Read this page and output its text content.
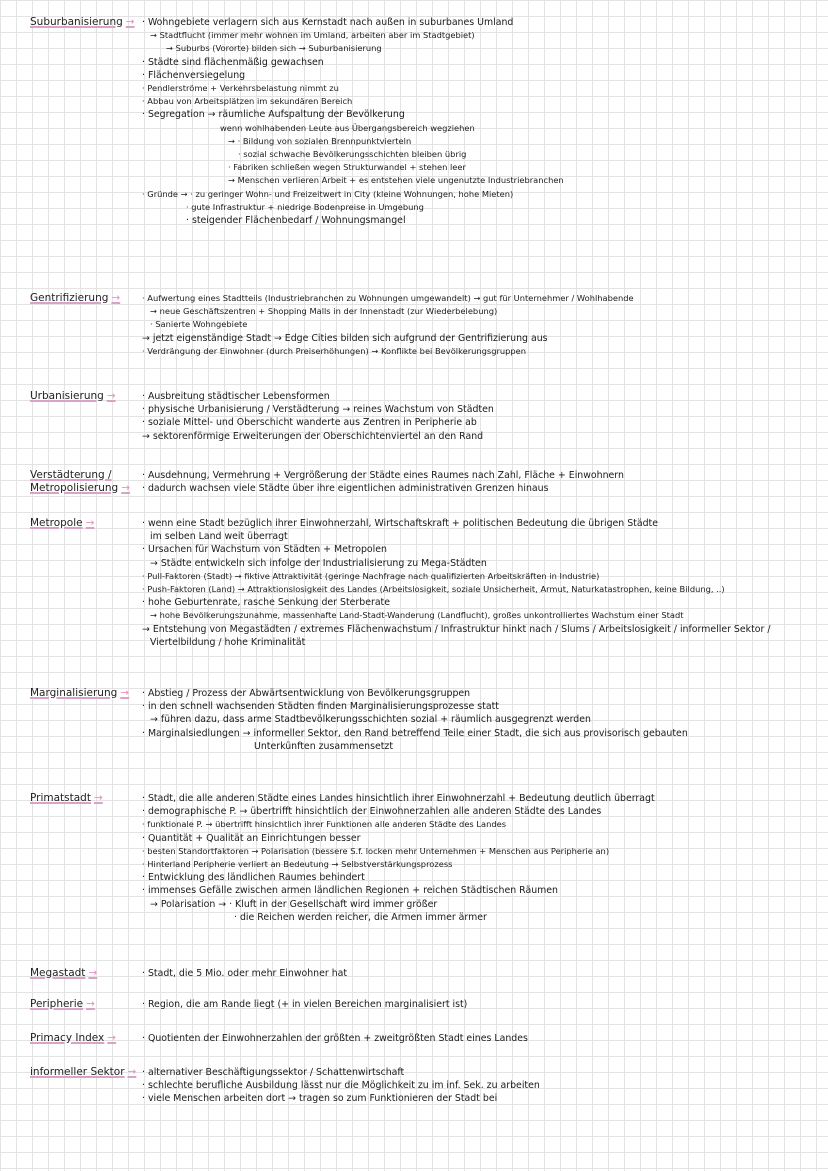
Suburbanisierung → · Wohngebiete verlagern sich aus Kernstadt nach außen in suburbanes Umland
→ Stadtflucht (immer mehr wohnen im Umland, arbeiten aber im Stadtgebiet)
→ Suburbs (Vororte) bilden sich → Suburbanisierung
· Städte sind flächenmäßig gewachsen
· Flächenversiegelung
· Pendlerströme + Verkehrsbelastung nimmt zu
· Abbau von Arbeitsplätzen im sekundären Bereich
· Segregation → räumliche Aufspaltung der Bevölkerung
wenn wohlhabenden Leute aus Übergangsbereich wegziehen
→ · Bildung von sozialen Brennpunktvierteln
· sozial schwache Bevölkerungsschichten bleiben übrig
· Fabriken schließen wegen Strukturwandel + stehen leer
→ Menschen verlieren Arbeit + es entstehen viele ungenutzte Industriebranchen
· Gründe → · zu geringer Wohn- und Freizeitwert in City (kleine Wohnungen, hohe Mieten)
· gute Infrastruktur + niedrige Bodenpreise in Umgebung
· steigender Flächenbedarf / Wohnungsmangel
Gentrifizierung →	· Aufwertung eines Stadtteils (Industriebranchen zu Wohnungen umgewandelt) → gut für Unternehmer / Wohlhabende
→ neue Geschäftszentren + Shopping Malls in der Innenstadt (zur Wiederbelebung)
· Sanierte Wohngebiete
→ jetzt eigenständige Stadt → Edge Cities bilden sich aufgrund der Gentrifizierung aus
· Verdrängung der Einwohner (durch Preiserhöhungen) → Konflikte bei Bevölkerungsgruppen
Urbanisierung →	· Ausbreitung städtischer Lebensformen
· physische Urbanisierung / Verstädterung → reines Wachstum von Städten
· soziale Mittel- und Oberschicht wanderte aus Zentren in Peripherie ab
→ sektorenförmige Erweiterungen der Oberschichtenviertel an den Rand
Verstädterung / Metropolisierung →
· Ausdehnung, Vermehrung + Vergrößerung der Städte eines Raumes nach Zahl, Fläche + Einwohnern
· dadurch wachsen viele Städte über ihre eigentlichen administrativen Grenzen hinaus
Metropole →	· wenn eine Stadt bezüglich ihrer Einwohnerzahl, Wirtschaftskraft + politischen Bedeutung die übrigen Städte
im selben Land weit überragt
· Ursachen für Wachstum von Städten + Metropolen
→ Städte entwickeln sich infolge der Industrialisierung zu Mega-Städten
· Pull-Faktoren (Stadt) → fiktive Attraktivität (geringe Nachfrage nach qualifizierten Arbeitskräften in Industrie)
· Push-Faktoren (Land) → Attraktionslosigkeit des Landes (Arbeitslosigkeit, soziale Unsicherheit, Armut, Naturkatastrophen, keine Bildung, ..)
· hohe Geburtenrate, rasche Senkung der Sterberate
→ hohe Bevölkerungszunahme, massenhafte Land-Stadt-Wanderung (Landflucht), großes unkontrolliertes Wachstum einer Stadt
→ Entstehung von Megastädten / extremes Flächenwachstum / Infrastruktur hinkt nach / Slums / Arbeitslosigkeit / informeller Sektor /
Viertelbildung / hohe Kriminalität
Marginalisierung →	· Abstieg / Prozess der Abwärtsentwicklung von Bevölkerungsgruppen
· in den schnell wachsenden Städten finden Marginalisierungsprozesse statt
→ führen dazu, dass arme Stadtbevölkerungsschichten sozial + räumlich ausgegrenzt werden
· Marginalsiedlungen → informeller Sektor, den Rand betreffend Teile einer Stadt, die sich aus provisorisch gebauten
Unterkünften zusammensetzt
Primatstadt →	· Stadt, die alle anderen Städte eines Landes hinsichtlich ihrer Einwohnerzahl + Bedeutung deutlich überragt
· demographische P. → übertrifft hinsichtlich der Einwohnerzahlen alle anderen Städte des Landes
· funktionale P. → übertrifft hinsichtlich ihrer Funktionen alle anderen Städte des Landes
· Quantität + Qualität an Einrichtungen besser
· besten Standortfaktoren → Polarisation (bessere S.f. locken mehr Unternehmen + Menschen aus Peripherie an)
· Hinterland Peripherie verliert an Bedeutung → Selbstverstärkungsprozess
· Entwicklung des ländlichen Raumes behindert
· immenses Gefälle zwischen armen ländlichen Regionen + reichen Städtischen Räumen
→ Polarisation → · Kluft in der Gesellschaft wird immer größer
· die Reichen werden reicher, die Armen immer ärmer
Megastadt →	· Stadt, die 5 Mio. oder mehr Einwohner hat
Peripherie →	· Region, die am Rande liegt (+ in vielen Bereichen marginalisiert ist)
Primacy Index →	· Quotienten der Einwohnerzahlen der größten + zweitgrößten Stadt eines Landes
informeller Sektor → · alternativer Beschäftigungssektor / Schattenwirtschaft
· schlechte berufliche Ausbildung lässt nur die Möglichkeit zu im inf. Sek. zu arbeiten
· viele Menschen arbeiten dort → tragen so zum Funktionieren der Stadt bei
